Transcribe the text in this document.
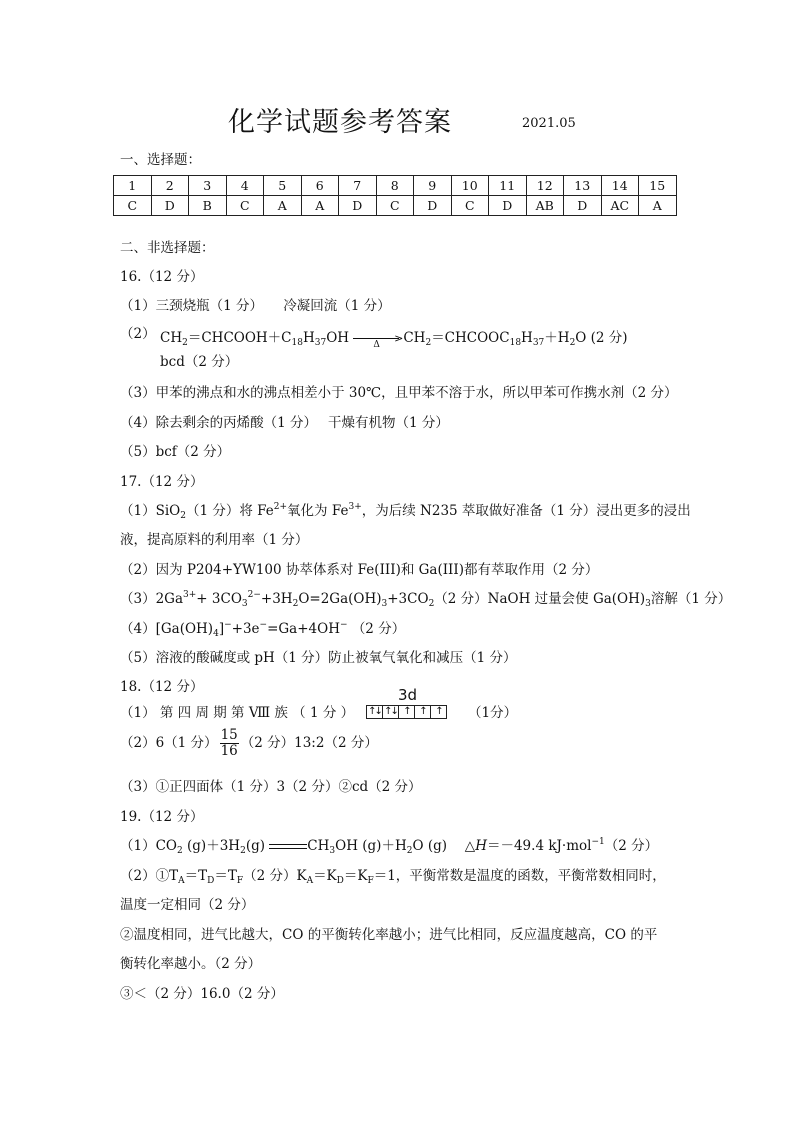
化学试题参考答案	2021.05
一、选择题：
1	2	3	4	5	6	7	8	9	10	11	12	13	14	15
C	D	B	C	A	A	D	C	D	C	D	AB	D	AC	A
二、非选择题：
16.（12 分）
（1）三颈烧瓶（1 分）　　冷凝回流（1 分）
（2） $CH_2=CHCOOH+C_{18}H_{37}OH$	>
Δ $CH_2=CHCOOC_{18}H_{37}+H_2O$ (2 分)
bcd（2 分）
（3）甲苯的沸点和水的沸点相差小于 30℃，且甲苯不溶于水，所以甲苯可作携水剂（2 分）
（4）除去剩余的丙烯酸（1 分）　 干燥有机物（1 分）
（5）bcf（2 分）
17.（12 分）
（1）SiO$_2$（1 分）将 $Fe^{2+}$氧化为 $Fe^{3+}$，为后续 N235 萃取做好准备（1 分）浸出更多的浸出
液，提高原料的利用率（1 分）
（2）因为 P204+YW100 协萃体系对 Fe(III)和 Ga(III)都有萃取作用（2 分）
$(3)2Ga^{3+}+ 3CO_3^{2-}+3H_2O=2Ga(OH)_3+3CO_2(2$ 分）NaOH 过量会使 $Ga(OH)_3$溶解（1 分）
$(4)[Ga(OH)_4]^-+3e^-=Ga+4OH^-$ （2 分）
（5）溶液的酸碱度或 pH（1 分）防止被氧气氧化和减压（1 分）
18.（12 分）
（1） 第 四 周 期 第 Ⅷ 族 （ 1 分 ）
3d
↑↓ ↑↓ ↑ ↑ ↑	（1分）
（2）6（1 分） $\frac{15}{16} (2$ 分）13:2（2 分）
（3）①正四面体（1 分）3（2 分）②cd（2 分）
19.（12 分）
$(1)CO_2$ $(g)+3H_2(g)$	$CH_3OH$ $(g)+H_2O$ (g)　 △H＝－49.4 kJ·mol$^{-1}$（2 分）
$(2)①T_A=T_D=T_F(2$ 分）$K_A=K_D=K_F=1$，平衡常数是温度的函数，平衡常数相同时，
温度一定相同（2 分）
②温度相同，进气比越大，CO 的平衡转化率越小；进气比相同，反应温度越高，CO 的平
衡转化率越小。（2 分）
③＜（2 分）16.0（2 分）
